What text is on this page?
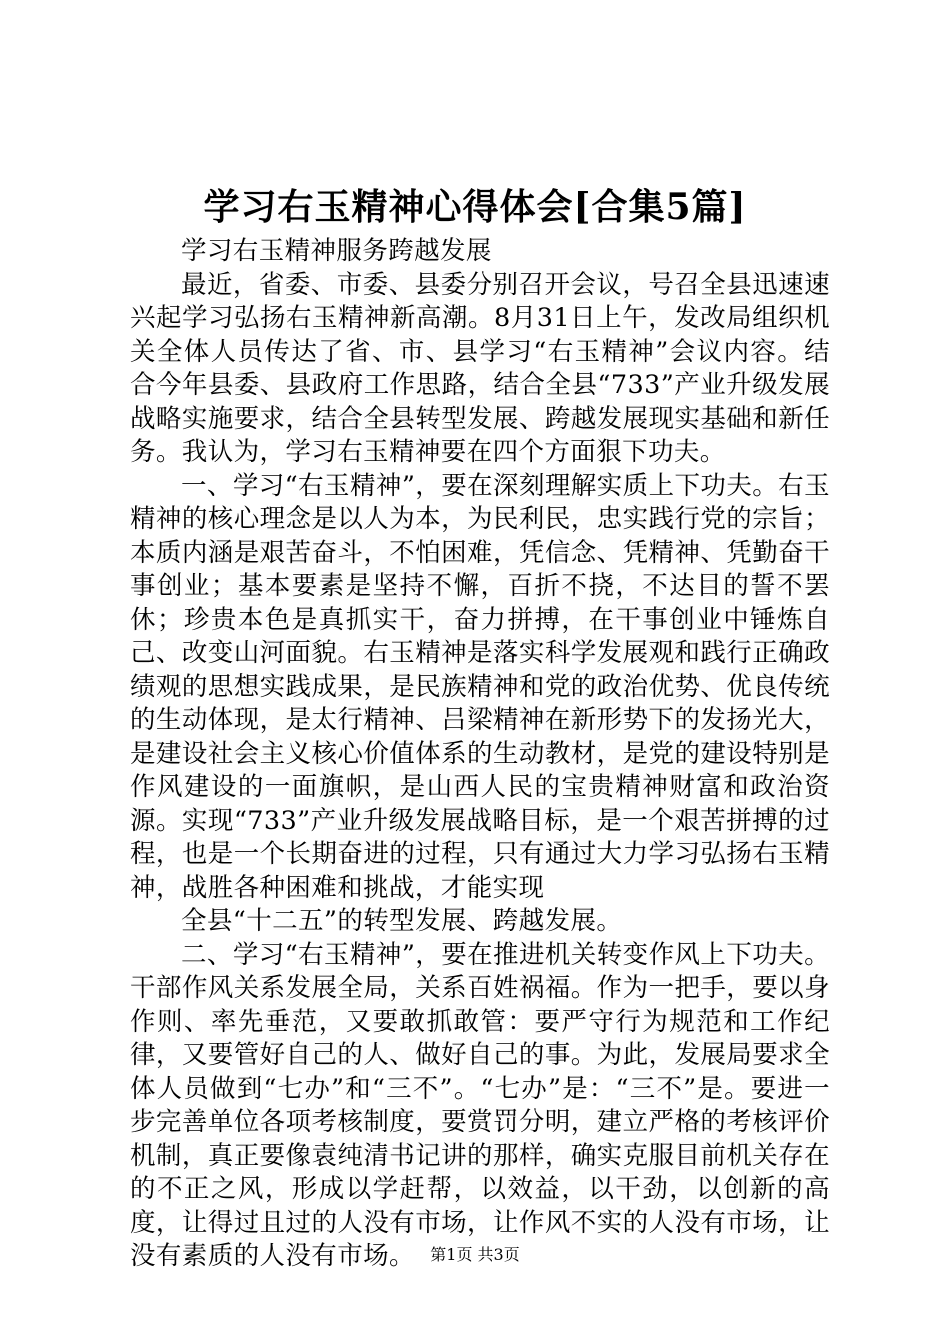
学习右玉精神心得体会[合集5篇]

学习右玉精神服务跨越发展

最近，省委、市委、县委分别召开会议，号召全县迅速速兴起学习弘扬右玉精神新高潮。8月31日上午，发改局组织机关全体人员传达了省、市、县学习“右玉精神”会议内容。结合今年县委、县政府工作思路，结合全县“733”产业升级发展战略实施要求，结合全县转型发展、跨越发展现实基础和新任务。我认为，学习右玉精神要在四个方面狠下功夫。

一、学习“右玉精神”，要在深刻理解实质上下功夫。右玉精神的核心理念是以人为本，为民利民，忠实践行党的宗旨；本质内涵是艰苦奋斗，不怕困难，凭信念、凭精神、凭勤奋干事创业；基本要素是坚持不懈，百折不挠，不达目的誓不罢休；珍贵本色是真抓实干，奋力拼搏，在干事创业中锤炼自己、改变山河面貌。右玉精神是落实科学发展观和践行正确政绩观的思想实践成果，是民族精神和党的政治优势、优良传统的生动体现，是太行精神、吕梁精神在新形势下的发扬光大，是建设社会主义核心价值体系的生动教材，是党的建设特别是作风建设的一面旗帜，是山西人民的宝贵精神财富和政治资源。实现“733”产业升级发展战略目标，是一个艰苦拼搏的过程，也是一个长期奋进的过程，只有通过大力学习弘扬右玉精神，战胜各种困难和挑战，才能实现

全县“十二五”的转型发展、跨越发展。

二、学习“右玉精神”，要在推进机关转变作风上下功夫。干部作风关系发展全局，关系百姓祸福。作为一把手，要以身作则、率先垂范，又要敢抓敢管：要严守行为规范和工作纪律，又要管好自己的人、做好自己的事。为此，发展局要求全体人员做到“七办”和“三不”。“七办”是：“三不”是。要进一步完善单位各项考核制度，要赏罚分明，建立严格的考核评价机制，真正要像袁纯清书记讲的那样，确实克服目前机关存在的不正之风，形成以学赶帮，以效益，以干劲，以创新的高度，让得过且过的人没有市场，让作风不实的人没有市场，让没有素质的人没有市场。 第1页 共3页
